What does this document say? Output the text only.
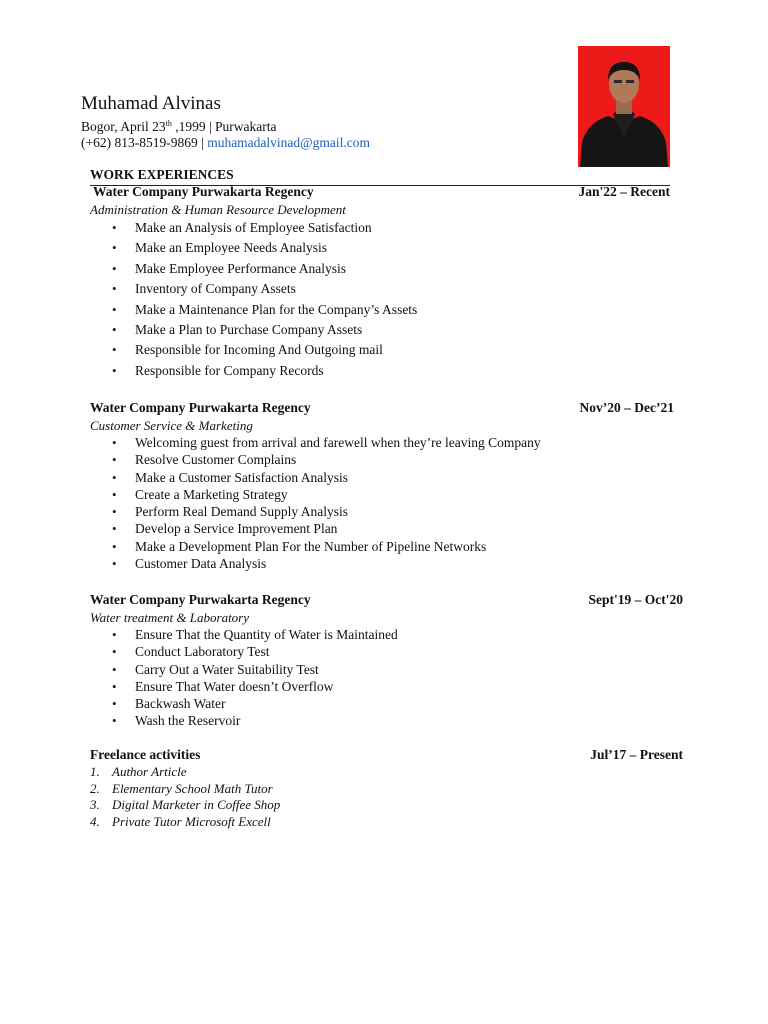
Muhamad Alvinas
Bogor, April 23th ,1999 | Purwakarta
(+62) 813-8519-9869 | muhamadalvinad@gmail.com
WORK EXPERIENCES
Water Company Purwakarta Regency	Jan'22 – Recent
Administration & Human Resource Development
• Make an Analysis of Employee Satisfaction
• Make an Employee Needs Analysis
• Make Employee Performance Analysis
• Inventory of Company Assets
• Make a Maintenance Plan for the Company’s Assets
• Make a Plan to Purchase Company Assets
• Responsible for Incoming And Outgoing mail
• Responsible for Company Records
Water Company Purwakarta Regency	Nov’20 – Dec’21
Customer Service & Marketing
• Welcoming guest from arrival and farewell when they’re leaving Company
• Resolve Customer Complains
• Make a Customer Satisfaction Analysis
• Create a Marketing Strategy
• Perform Real Demand Supply Analysis
• Develop a Service Improvement Plan
• Make a Development Plan For the Number of Pipeline Networks
• Customer Data Analysis
Water Company Purwakarta Regency	Sept'19 – Oct'20
Water treatment & Laboratory
• Ensure That the Quantity of Water is Maintained
• Conduct Laboratory Test
• Carry Out a Water Suitability Test
• Ensure That Water doesn’t Overflow
• Backwash Water
• Wash the Reservoir
Freelance activities	Jul’17 – Present
1. Author Article
2. Elementary School Math Tutor
3. Digital Marketer in Coffee Shop
4. Private Tutor Microsoft Excell
